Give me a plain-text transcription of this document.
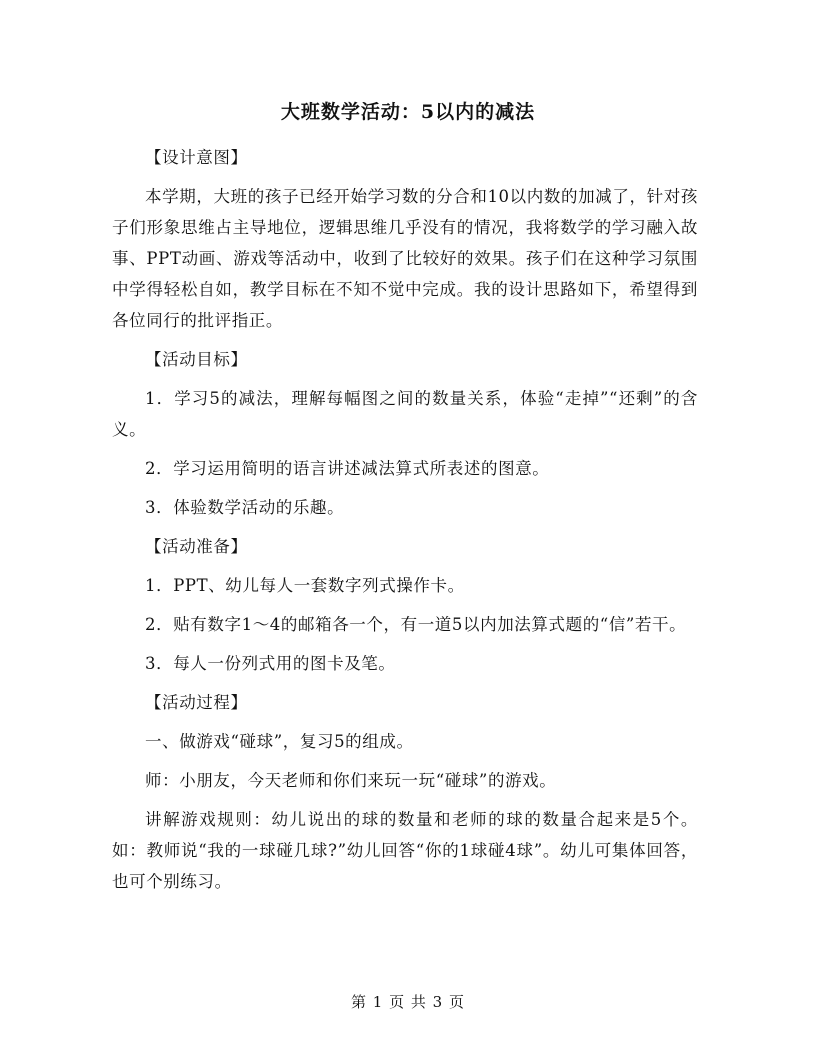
大班数学活动：5以内的减法

【设计意图】

本学期，大班的孩子已经开始学习数的分合和10以内数的加减了，针对孩子们形象思维占主导地位，逻辑思维几乎没有的情况，我将数学的学习融入故事、PPT动画、游戏等活动中，收到了比较好的效果。孩子们在这种学习氛围中学得轻松自如，教学目标在不知不觉中完成。我的设计思路如下，希望得到各位同行的批评指正。

【活动目标】

1．学习5的减法，理解每幅图之间的数量关系，体验“走掉”“还剩”的含义。

2．学习运用简明的语言讲述减法算式所表述的图意。

3．体验数学活动的乐趣。

【活动准备】

1．PPT、幼儿每人一套数字列式操作卡。

2．贴有数字1～4的邮箱各一个，有一道5以内加法算式题的“信”若干。

3．每人一份列式用的图卡及笔。

【活动过程】

一、做游戏“碰球”，复习5的组成。

师：小朋友，今天老师和你们来玩一玩“碰球”的游戏。

讲解游戏规则：幼儿说出的球的数量和老师的球的数量合起来是5个。如：教师说“我的一球碰几球?”幼儿回答“你的1球碰4球”。幼儿可集体回答，也可个别练习。

第 1 页 共 3 页
